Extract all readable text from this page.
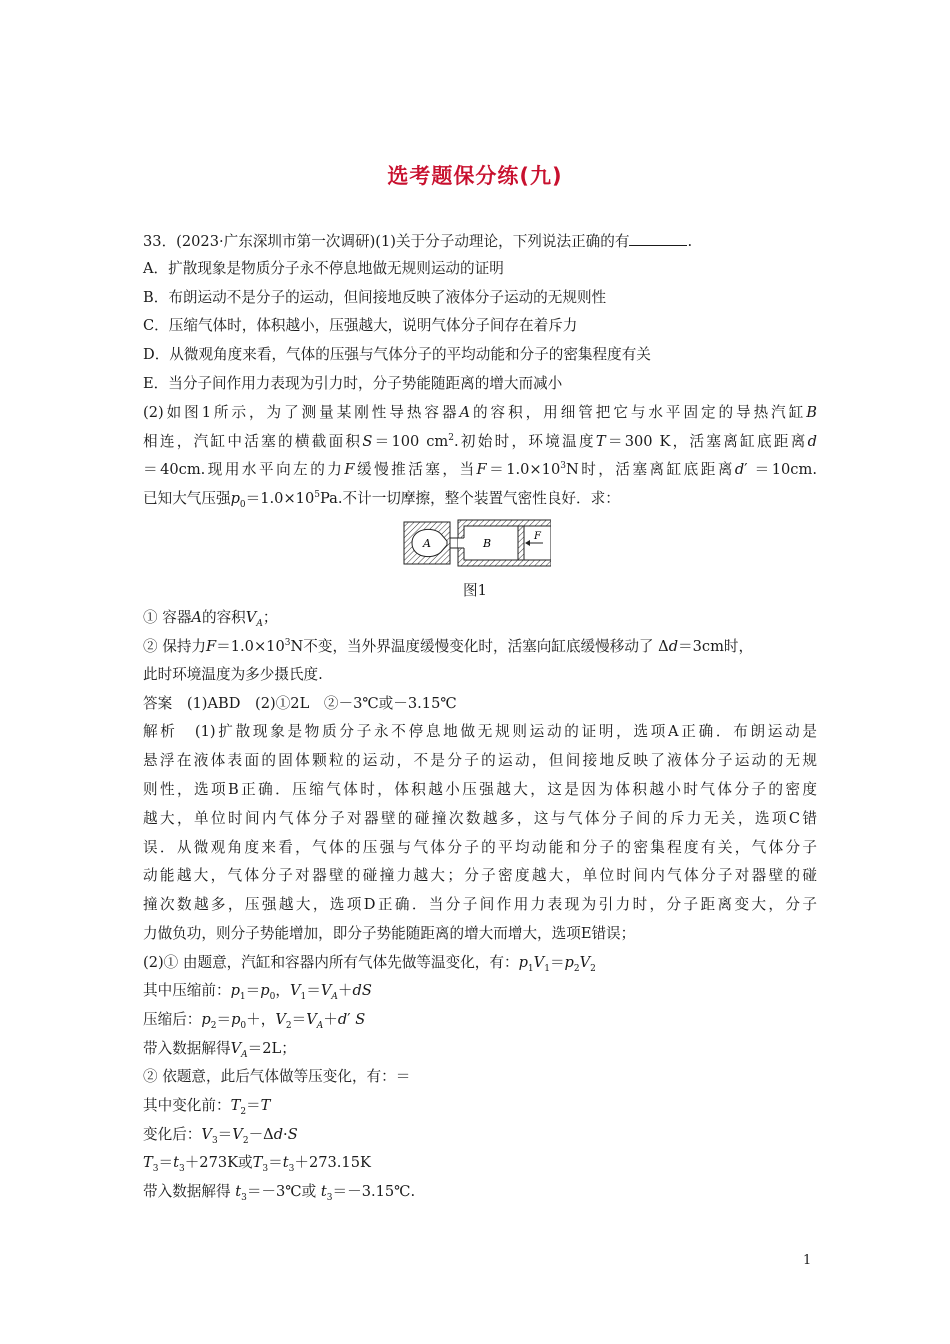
选考题保分练(九)
33．(2023·广东深圳市第一次调研)(1)关于分子动理论，下列说法正确的有	.
A．扩散现象是物质分子永不停息地做无规则运动的证明
B．布朗运动不是分子的运动，但间接地反映了液体分子运动的无规则性
C．压缩气体时，体积越小，压强越大，说明气体分子间存在着斥力
D．从微观角度来看，气体的压强与气体分子的平均动能和分子的密集程度有关
E．当分子间作用力表现为引力时，分子势能随距离的增大而减小
(2)如图1所示，为了测量某刚性导热容器A的容积，用细管把它与水平固定的导热汽缸B
相连，汽缸中活塞的横截面积S＝100 $cm^2$.初始时，环境温度T＝300 K，活塞离缸底距离d
＝40cm.现用水平向左的力F缓慢推活塞，当$F=1.0\times 10^3N$时，活塞离缸底距离d′ ＝10cm.
已知大气压强$p_0=1.0\times 10^5Pa$.不计一切摩擦，整个装置气密性良好．求：
A	B
F
图1
① 容器A的容积$V_A$；
② 保持力$F=1.0\times 10^3N$不变，当外界温度缓慢变化时，活塞向缸底缓慢移动了 Δd＝3cm时，
此时环境温度为多少摄氏度.
答案　 (1)ABD　(2)①2L　②－3℃或－3.15℃
解析　 (1)扩散现象是物质分子永不停息地做无规则运动的证明，选项A正确．布朗运动是
悬浮在液体表面的固体颗粒的运动，不是分子的运动，但间接地反映了液体分子运动的无规
则性，选项B正确．压缩气体时，体积越小压强越大，这是因为体积越小时气体分子的密度
越大，单位时间内气体分子对器壁的碰撞次数越多，这与气体分子间的斥力无关，选项C错
误．从微观角度来看，气体的压强与气体分子的平均动能和分子的密集程度有关，气体分子
动能越大，气体分子对器壁的碰撞力越大；分子密度越大，单位时间内气体分子对器壁的碰
撞次数越多，压强越大，选项D正确．当分子间作用力表现为引力时，分子距离变大，分子
力做负功，则分子势能增加，即分子势能随距离的增大而增大，选项E错误；
(2)① 由题意，汽缸和容器内所有气体先做等温变化，有：$p_1V_1=p_2V_2$
其中压缩前：$p_1=p_0$，$V_1=V_A+dS$
压缩后：$p_2=p_0+$，$V_2=V_A+d'$ S
带入数据解得$V_A=2L$；
② 依题意，此后气体做等压变化，有：＝
其中变化前：$T_2=T$
变化后：$V_3=V_2-\Delta d\cdot S$
$T_3=t_3+273K$或$T_3=t_3+273.15K$
带入数据解得 $t_3=-3℃$或 $t_3=-3.15℃$.
1
